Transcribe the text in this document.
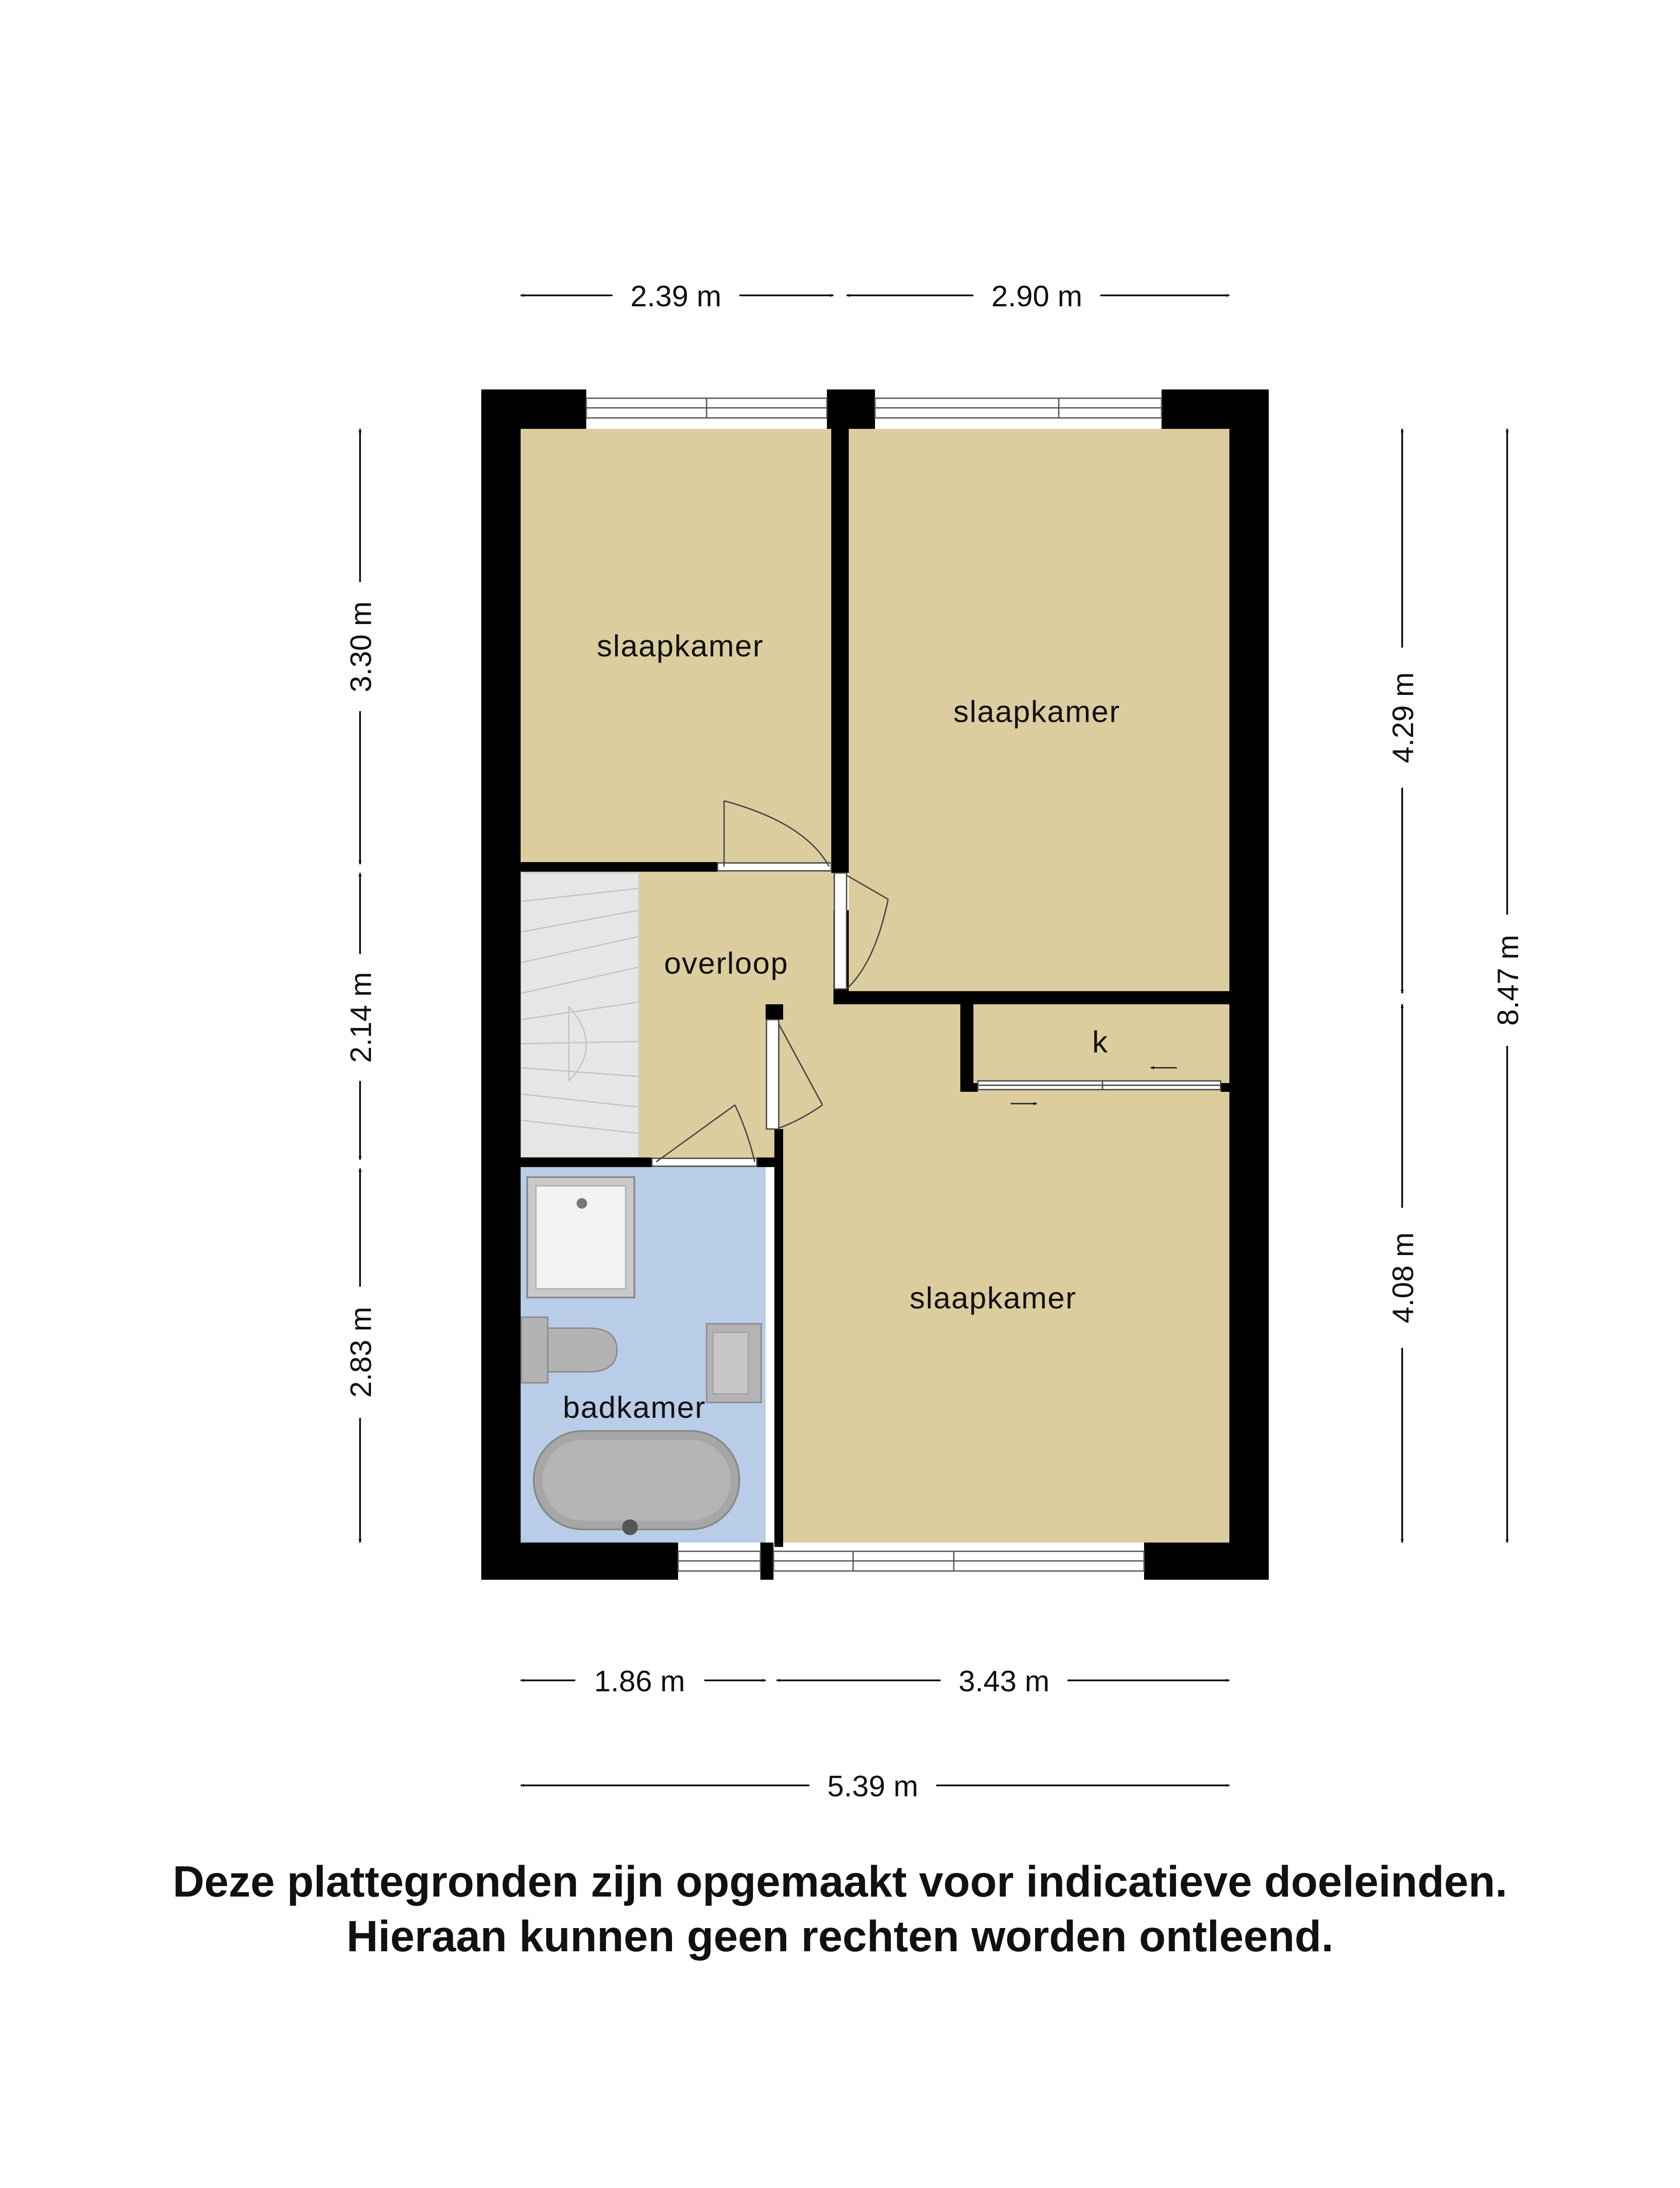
slaapkamer
slaapkamer
overloop
k
slaapkamer
badkamer
2.39 m	2.90 m
1.86 m	3.43 m
5.39 m
3.30 m
2.14 m
2.83 m
4.29 m
4.08 m
8.47 m
Deze plattegronden zijn opgemaakt voor indicatieve doeleinden.
Hieraan kunnen geen rechten worden ontleend.
